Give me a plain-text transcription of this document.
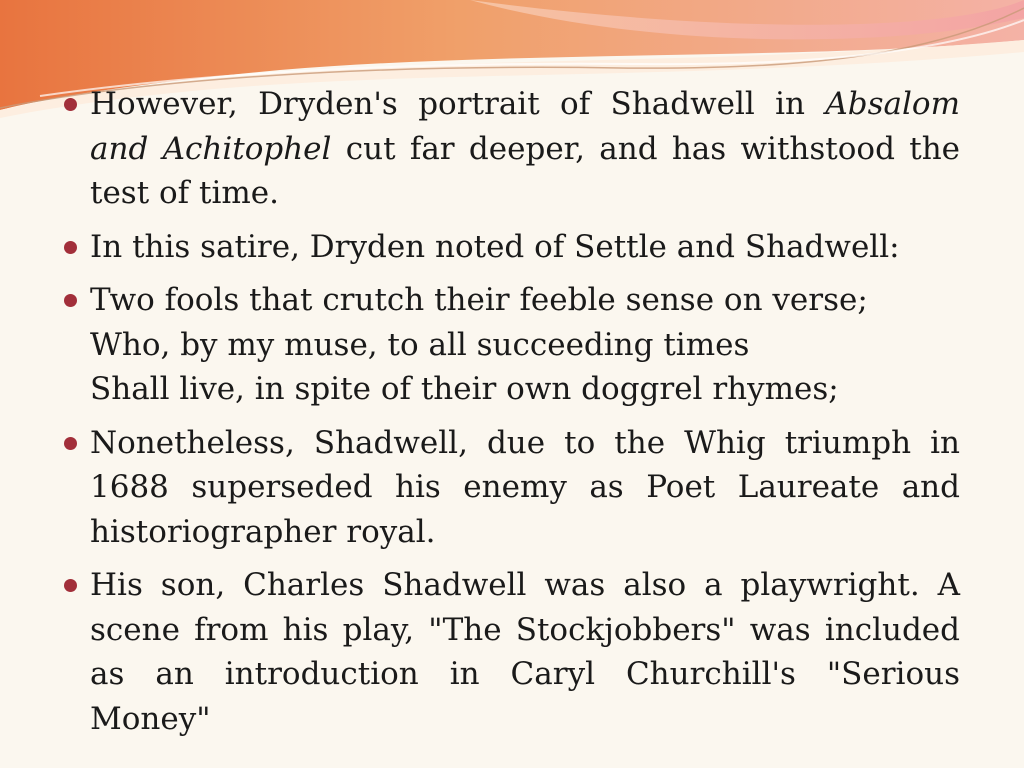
However, Dryden's portrait of Shadwell in Absalom and Achitophel cut far deeper, and has withstood the test of time.

In this satire, Dryden noted of Settle and Shadwell:

Two fools that crutch their feeble sense on verse;
Who, by my muse, to all succeeding times
Shall live, in spite of their own doggrel rhymes;

Nonetheless, Shadwell, due to the Whig triumph in 1688 superseded his enemy as Poet Laureate and historiographer royal.

His son, Charles Shadwell was also a playwright. A scene from his play, "The Stockjobbers" was included as an introduction in Caryl Churchill's "Serious Money"
